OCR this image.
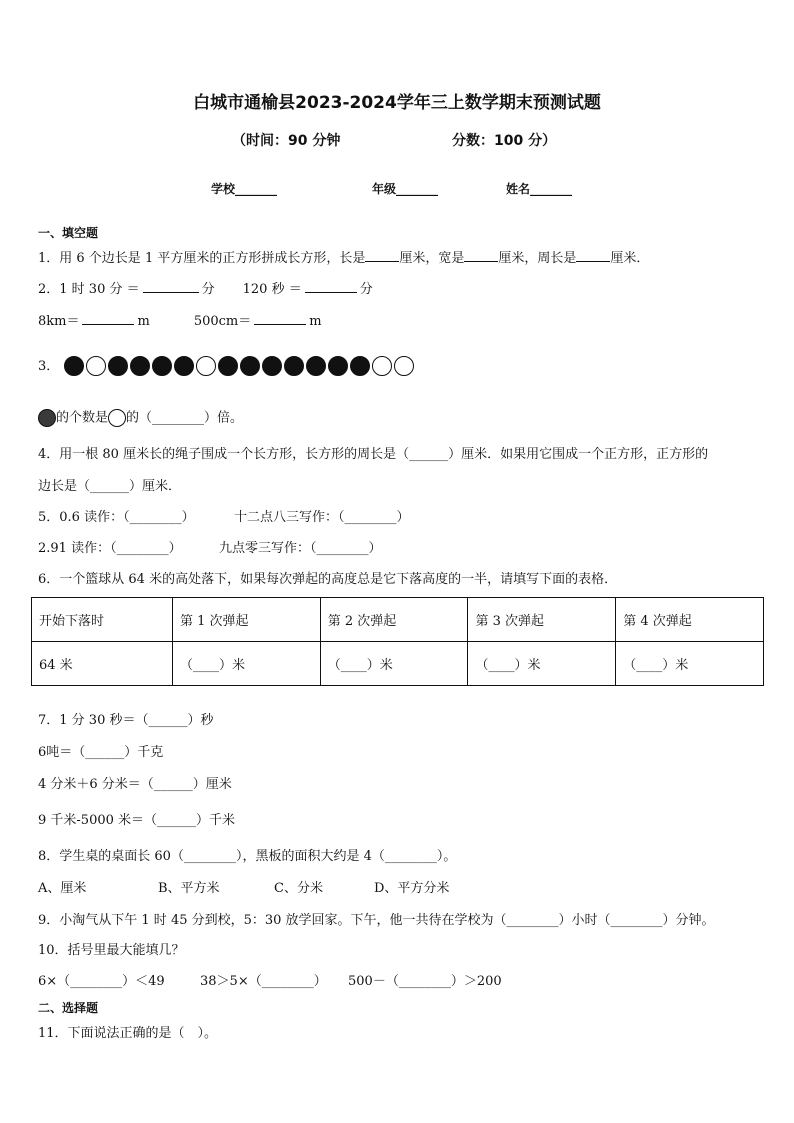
白城市通榆县2023-2024学年三上数学期末预测试题
（时间：90 分钟	分数：100 分）
学校_______	年级_______	姓名_______
一、填空题
1．用 6 个边长是 1 平方厘米的正方形拼成长方形，长是	厘米，宽是	厘米，周长是	厘米．
2．1 时 30 分 ＝	分 120 秒 ＝	分
8km＝	m	500cm＝	m
3．
的个数是 的（________）倍。
4．用一根 80 厘米长的绳子围成一个长方形，长方形的周长是（______）厘米．如果用它围成一个正方形，正方形的
边长是（______）厘米．
5．0.6 读作：（________）	十二点八三写作：（________）
2.91 读作：（________）	九点零三写作：（________）
6．一个篮球从 64 米的高处落下，如果每次弹起的高度总是它下落高度的一半，请填写下面的表格．
开始下落时	第 1 次弹起	第 2 次弹起	第 3 次弹起	第 4 次弹起
64 米	（____）米	（____）米	（____）米	（____）米
7．1 分 30 秒＝（______）秒
6吨＝（______）千克
4 分米＋6 分米＝（______）厘米
9 千米-5000 米＝（______）千米
8．学生桌的桌面长 60（________），黑板的面积大约是 4（________）。
A、厘米	B、平方米	C、分米	D、平方分米
9．小淘气从下午 1 时 45 分到校，5：30 放学回家。下午，他一共待在学校为（________）小时（________）分钟。
10．括号里最大能填几？
6×（________）＜49	38＞5×（________） 500－（________）＞200
二、选择题
11．下面说法正确的是（　）。
